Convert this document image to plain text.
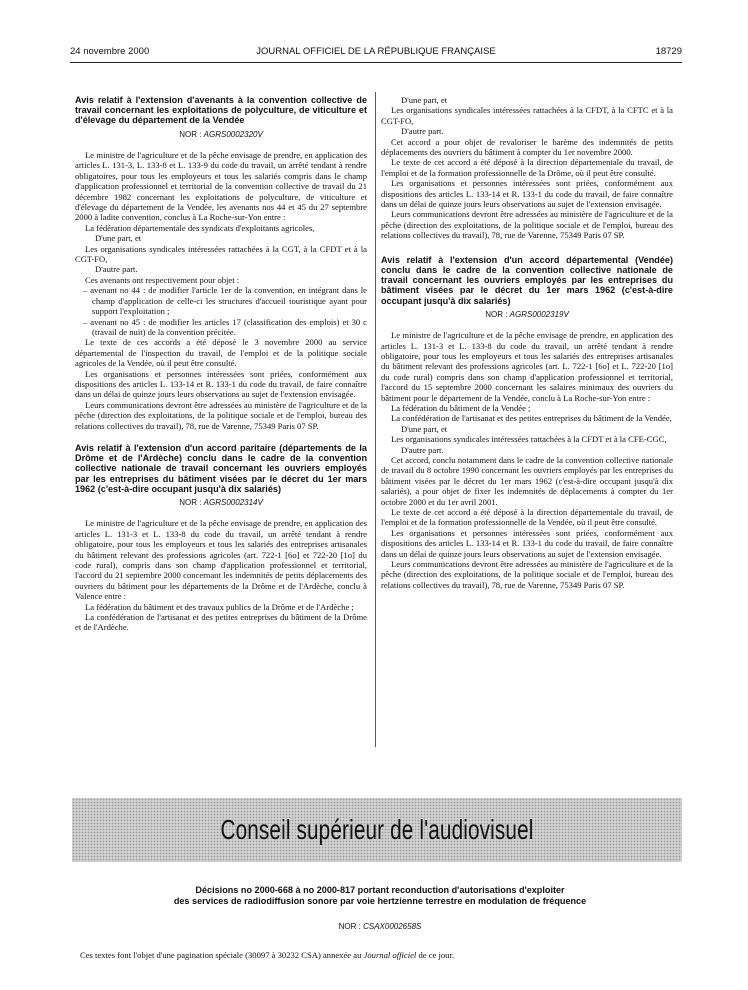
24 novembre 2000	JOURNAL OFFICIEL DE LA RÉPUBLIQUE FRANÇAISE	18729
Avis relatif à l'extension d'avenants à la convention collective de travail concernant les exploitations de polyculture, de viticulture et d'élevage du département de la Vendée
NOR : AGRS0002320V

Le ministre de l'agriculture et de la pêche envisage de prendre, en application des articles L. 131-3, L. 133-8 et L. 133-9 du code du travail, un arrêté tendant à rendre obligatoires, pour tous les employeurs et tous les salariés compris dans le champ d'application professionnel et territorial de la convention collective de travail du 21 décembre 1982 concernant les exploitations de polyculture, de viticulture et d'élevage du département de la Vendée, les avenants nos 44 et 45 du 27 septembre 2000 à ladite convention, conclus à La Roche-sur-Yon entre :

La fédération départementale des syndicats d'exploitants agricoles,

D'une part, et

Les organisations syndicales intéressées rattachées à la CGT, à la CFDT et à la CGT-FO,

D'autre part.

Ces avenants ont respectivement pour objet :

– avenant no 44 : de modifier l'article 1er de la convention, en intégrant dans le champ d'application de celle-ci les structures d'accueil touristique ayant pour support l'exploitation ;

– avenant no 45 : de modifier les articles 17 (classification des emplois) et 30 c (travail de nuit) de la convention précitée.

Le texte de ces accords a été déposé le 3 novembre 2000 au service départemental de l'inspection du travail, de l'emploi et de la politique sociale agricoles de la Vendée, où il peut être consulté.

Les organisations et personnes intéressées sont priées, conformément aux dispositions des articles L. 133-14 et R. 133-1 du code du travail, de faire connaître dans un délai de quinze jours leurs observations au sujet de l'extension envisagée.

Leurs communications devront être adressées au ministère de l'agriculture et de la pêche (direction des exploitations, de la politique sociale et de l'emploi, bureau des relations collectives du travail), 78, rue de Varenne, 75349 Paris 07 SP.

Avis relatif à l'extension d'un accord paritaire (départements de la Drôme et de l'Ardèche) conclu dans le cadre de la convention collective nationale de travail concernant les ouvriers employés par les entreprises du bâtiment visées par le décret du 1er mars 1962 (c'est-à-dire occupant jusqu'à dix salariés)
NOR : AGRS0002314V

Le ministre de l'agriculture et de la pêche envisage de prendre, en application des articles L. 131-3 et L. 133-8 du code du travail, un arrêté tendant à rendre obligatoire, pour tous les employeurs et tous les salariés des entreprises artisanales du bâtiment relevant des professions agricoles (art. 722-1 [6o] et 722-20 [1o] du code rural), compris dans son champ d'application professionnel et territorial, l'accord du 21 septembre 2000 concernant les indemnités de petits déplacements des ouvriers du bâtiment pour les départements de la Drôme et de l'Ardèche, conclu à Valence entre :

La fédération du bâtiment et des travaux publics de la Drôme et de l'Ardèche ;

La confédération de l'artisanat et des petites entreprises du bâtiment de la Drôme et de l'Ardèche.

D'une part, et

Les organisations syndicales intéressées rattachées à la CFDT, à la CFTC et à la CGT-FO,

D'autre part.

Cet accord a pour objet de revaloriser le barème des indemnités de petits déplacements des ouvriers du bâtiment à compter du 1er novembre 2000.

Le texte de cet accord a été déposé à la direction départementale du travail, de l'emploi et de la formation professionnelle de la Drôme, où il peut être consulté.

Les organisations et personnes intéressées sont priées, conformément aux dispositions des articles L. 133-14 et R. 133-1 du code du travail, de faire connaître dans un délai de quinze jours leurs observations au sujet de l'extension envisagée.

Leurs communications devront être adressées au ministère de l'agriculture et de la pêche (direction des exploitations, de la politique sociale et de l'emploi, bureau des relations collectives du travail), 78, rue de Varenne, 75349 Paris 07 SP.

Avis relatif à l'extension d'un accord départemental (Vendée) conclu dans le cadre de la convention collective nationale de travail concernant les ouvriers employés par les entreprises du bâtiment visées par le décret du 1er mars 1962 (c'est-à-dire occupant jusqu'à dix salariés)
NOR : AGRS0002319V

Le ministre de l'agriculture et de la pêche envisage de prendre, en application des articles L. 131-3 et L. 133-8 du code du travail, un arrêté tendant à rendre obligatoire, pour tous les employeurs et tous les salariés des entreprises artisanales du bâtiment relevant des professions agricoles (art. L. 722-1 [6o] et L. 722-20 [1o] du code rural) compris dans son champ d'application professionnel et territorial, l'accord du 15 septembre 2000 concernant les salaires minimaux des ouvriers du bâtiment pour le département de la Vendée, conclu à La Roche-sur-Yon entre :

La fédération du bâtiment de la Vendée ;

La confédération de l'artisanat et des petites entreprises du bâtiment de la Vendée,

D'une part, et

Les organisations syndicales intéressées rattachées à la CFDT et à la CFE-CGC,

D'autre part.

Cet accord, conclu notamment dans le cadre de la convention collective nationale de travail du 8 octobre 1990 concernant les ouvriers employés par les entreprises du bâtiment visées par le décret du 1er mars 1962 (c'est-à-dire occupant jusqu'à dix salariés), a pour objet de fixer les indemnités de déplacements à compter du 1er octobre 2000 et du 1er avril 2001.

Le texte de cet accord a été déposé à la direction départementale du travail, de l'emploi et de la formation professionnelle de la Vendée, où il peut être consulté.

Les organisations et personnes intéressées sont priées, conformément aux dispositions des articles L. 133-14 et R. 133-1 du code du travail, de faire connaître dans un délai de quinze jours leurs observations au sujet de l'extension envisagée.

Leurs communications devront être adressées au ministère de l'agriculture et de la pêche (direction des exploitations, de la politique sociale et de l'emploi, bureau des relations collectives du travail), 78, rue de Varenne, 75349 Paris 07 SP.

Conseil supérieur de l'audiovisuel
Décisions no 2000-668 à no 2000-817 portant reconduction d'autorisations d'exploiter
des services de radiodiffusion sonore par voie hertzienne terrestre en modulation de fréquence
NOR : CSAX0002658S
Ces textes font l'objet d'une pagination spéciale (30097 à 30232 CSA) annexée au Journal officiel de ce jour.
